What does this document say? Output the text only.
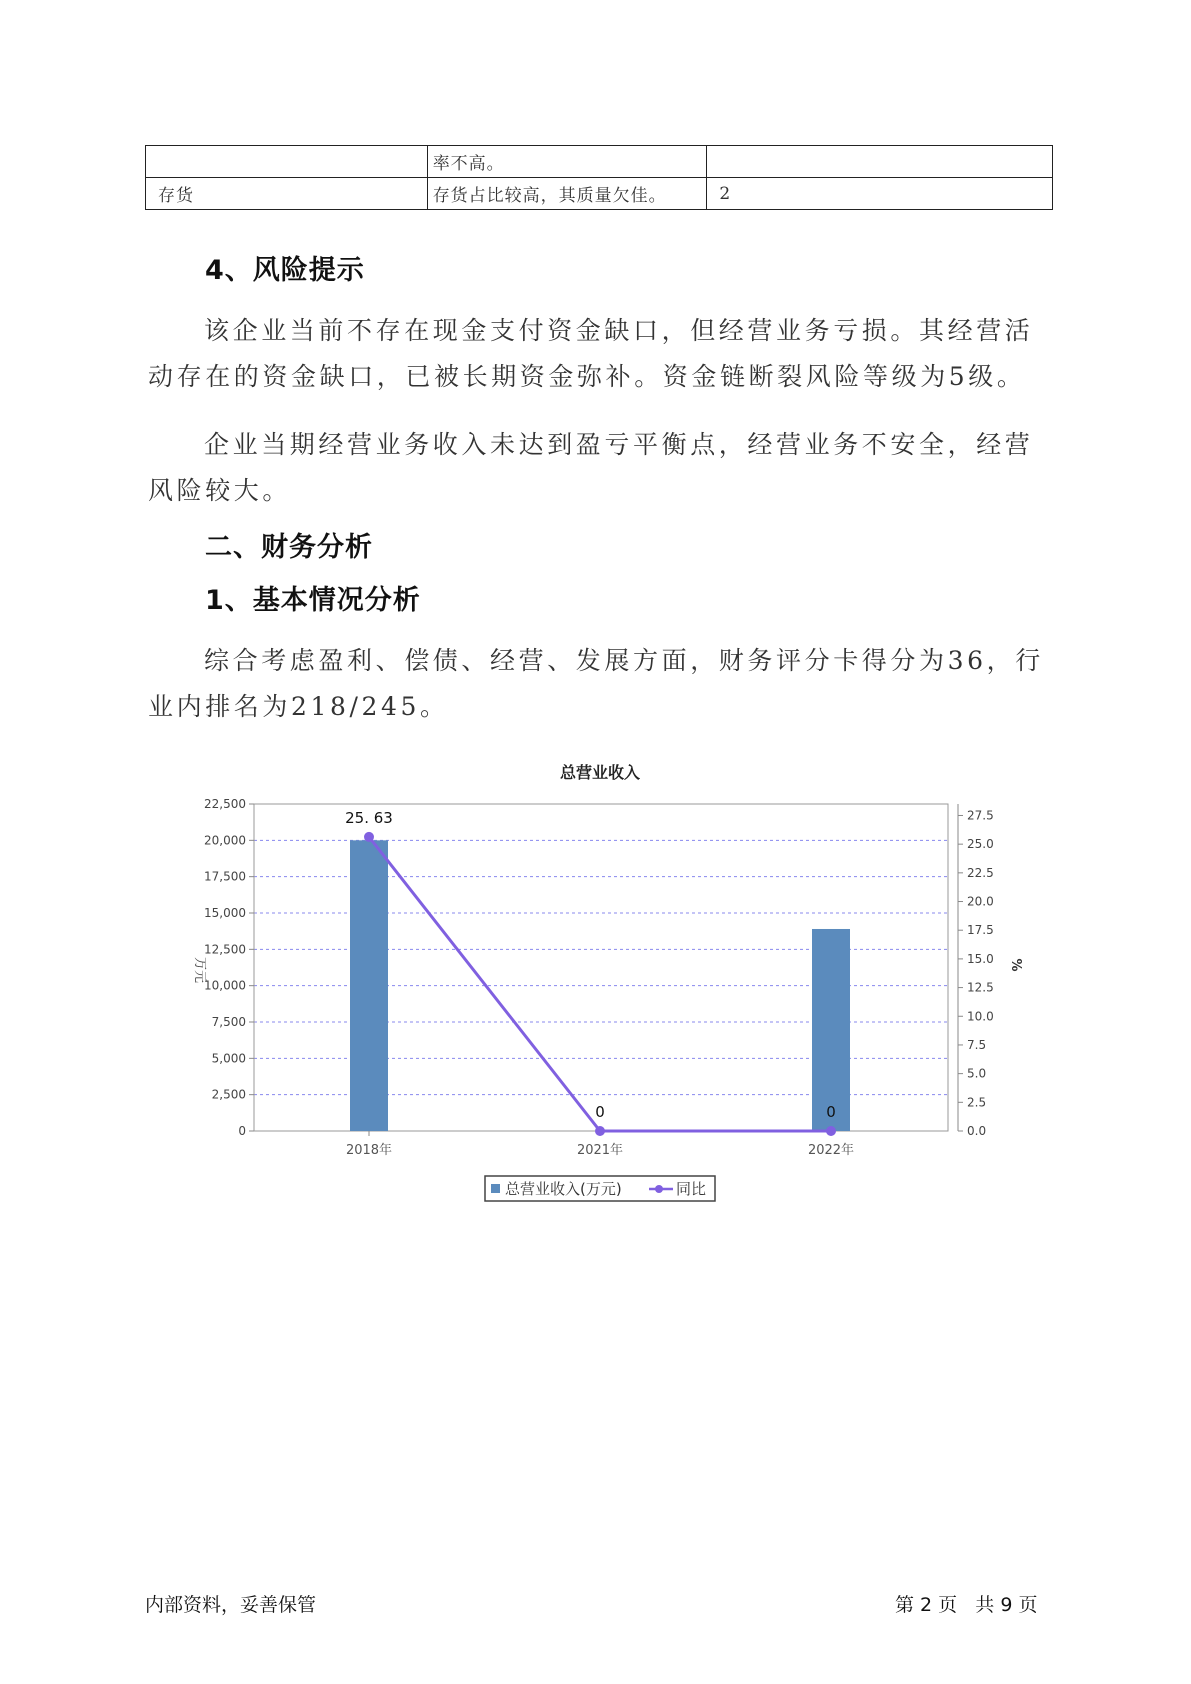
	率不高。	
存货	存货占比较高，其质量欠佳。	2
4、风险提示

该企业当前不存在现金支付资金缺口，但经营业务亏损。其经营活动存在的资金缺口，已被长期资金弥补。资金链断裂风险等级为5级。

企业当期经营业务收入未达到盈亏平衡点，经营业务不安全，经营风险较大。

二、财务分析
1、基本情况分析

综合考虑盈利、偿债、经营、发展方面，财务评分卡得分为36，行业内排名为218/245。

总营业收入
0
2,500
5,000
7,500
10,000
12,500
15,000
17,500
20,000
22,500
0.0
2.5
5.0
7.5
10.0
12.5
15.0
17.5
20.0
22.5
25.0
27.5
2018年	2021年	2022年
25. 63
0	0
万元	%
总营业收入(万元)	同比
内部资料，妥善保管	第 2 页   共 9 页
